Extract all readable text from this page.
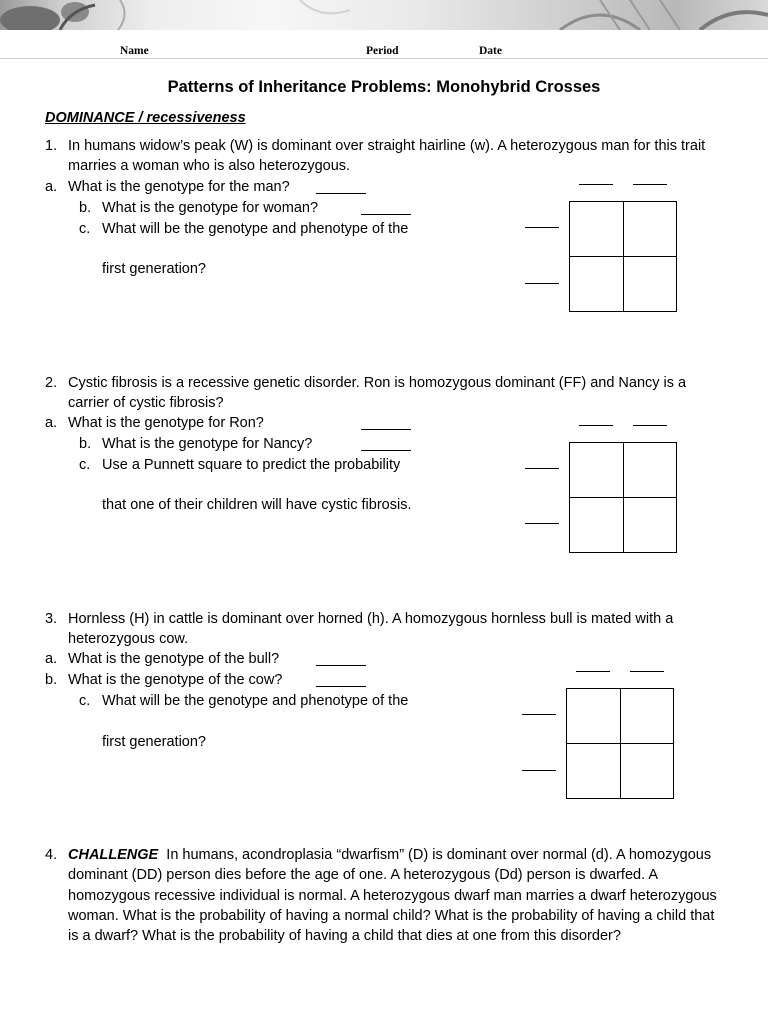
Name	Period	Date
Patterns of Inheritance Problems: Monohybrid Crosses
DOMINANCE / recessiveness
1. In humans widow’s peak (W) is dominant over straight hairline (w). A heterozygous man for this trait marries a woman who is also heterozygous.
a. What is the genotype for the man?
b. What is the genotype for woman?
c. What will be the genotype and phenotype of the
first generation?
2. Cystic fibrosis is a recessive genetic disorder. Ron is homozygous dominant (FF) and Nancy is a carrier of cystic fibrosis?
a. What is the genotype for Ron?
b. What is the genotype for Nancy?
c. Use a Punnett square to predict the probability
that one of their children will have cystic fibrosis.
3. Hornless (H) in cattle is dominant over horned (h). A homozygous hornless bull is mated with a heterozygous cow.
a. What is the genotype of the bull?
b. What is the genotype of the cow?
c. What will be the genotype and phenotype of the
first generation?
4. CHALLENGE  In humans, acondroplasia “dwarfism” (D) is dominant over normal (d). A homozygous dominant (DD) person dies before the age of one. A heterozygous (Dd) person is dwarfed. A homozygous recessive individual is normal. A heterozygous dwarf man marries a dwarf heterozygous woman. What is the probability of having a normal child? What is the probability of having a child that is a dwarf? What is the probability of having a child that dies at one from this disorder?
